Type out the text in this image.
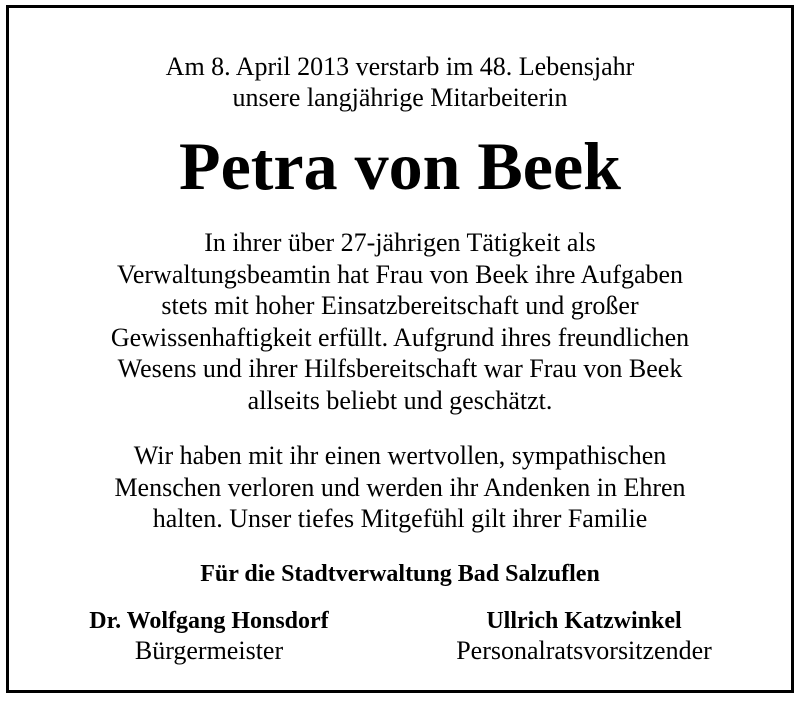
Am 8. April 2013 verstarb im 48. Lebensjahr
unsere langjährige Mitarbeiterin
Petra von Beek
In ihrer über 27-jährigen Tätigkeit als
Verwaltungsbeamtin hat Frau von Beek ihre Aufgaben
stets mit hoher Einsatzbereitschaft und großer
Gewissenhaftigkeit erfüllt. Aufgrund ihres freundlichen
Wesens und ihrer Hilfsbereitschaft war Frau von Beek
allseits beliebt und geschätzt.
Wir haben mit ihr einen wertvollen, sympathischen
Menschen verloren und werden ihr Andenken in Ehren
halten. Unser tiefes Mitgefühl gilt ihrer Familie
Für die Stadtverwaltung Bad Salzuflen
Dr. Wolfgang Honsdorf
Bürgermeister
Ullrich Katzwinkel
Personalratsvorsitzender
